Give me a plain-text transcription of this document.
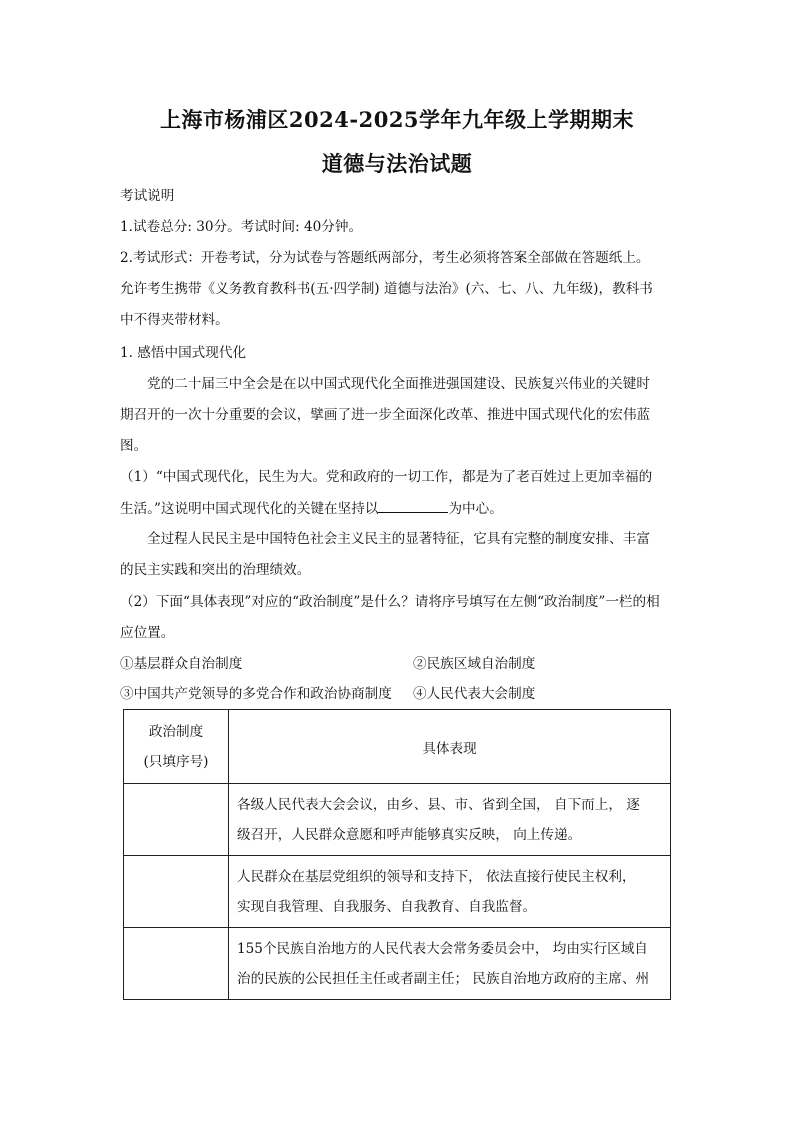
上海市杨浦区2024-2025学年九年级上学期期末
道德与法治试题
考试说明
1.试卷总分: 30分。考试时间: 40分钟。
2.考试形式：开卷考试，分为试卷与答题纸两部分，考生必须将答案全部做在答题纸上。
允许考生携带《义务教育教科书(五·四学制) 道德与法治》(六、七、八、九年级)，教科书
中不得夹带材料。
1. 感悟中国式现代化
党的二十届三中全会是在以中国式现代化全面推进强国建设、民族复兴伟业的关键时
期召开的一次十分重要的会议，擘画了进一步全面深化改革、推进中国式现代化的宏伟蓝
图。
（1）“中国式现代化，民生为大。党和政府的一切工作，都是为了老百姓过上更加幸福的
生活。”这说明中国式现代化的关键在坚持以	为中心。
全过程人民民主是中国特色社会主义民主的显著特征，它具有完整的制度安排、丰富
的民主实践和突出的治理绩效。
（2）下面“具体表现”对应的“政治制度”是什么？请将序号填写在左侧“政治制度”一栏的相
应位置。
①基层群众自治制度	②民族区域自治制度
③中国共产党领导的多党合作和政治协商制度	④人民代表大会制度
政治制度
(只填序号)	具体表现

	各级人民代表大会会议，由乡、县、市、省到全国， 自下而上， 逐
级召开，人民群众意愿和呼声能够真实反映， 向上传递。

	人民群众在基层党组织的领导和支持下， 依法直接行使民主权利，
实现自我管理、自我服务、自我教育、自我监督。

	155个民族自治地方的人民代表大会常务委员会中， 均由实行区域自
治的民族的公民担任主任或者副主任； 民族自治地方政府的主席、州
